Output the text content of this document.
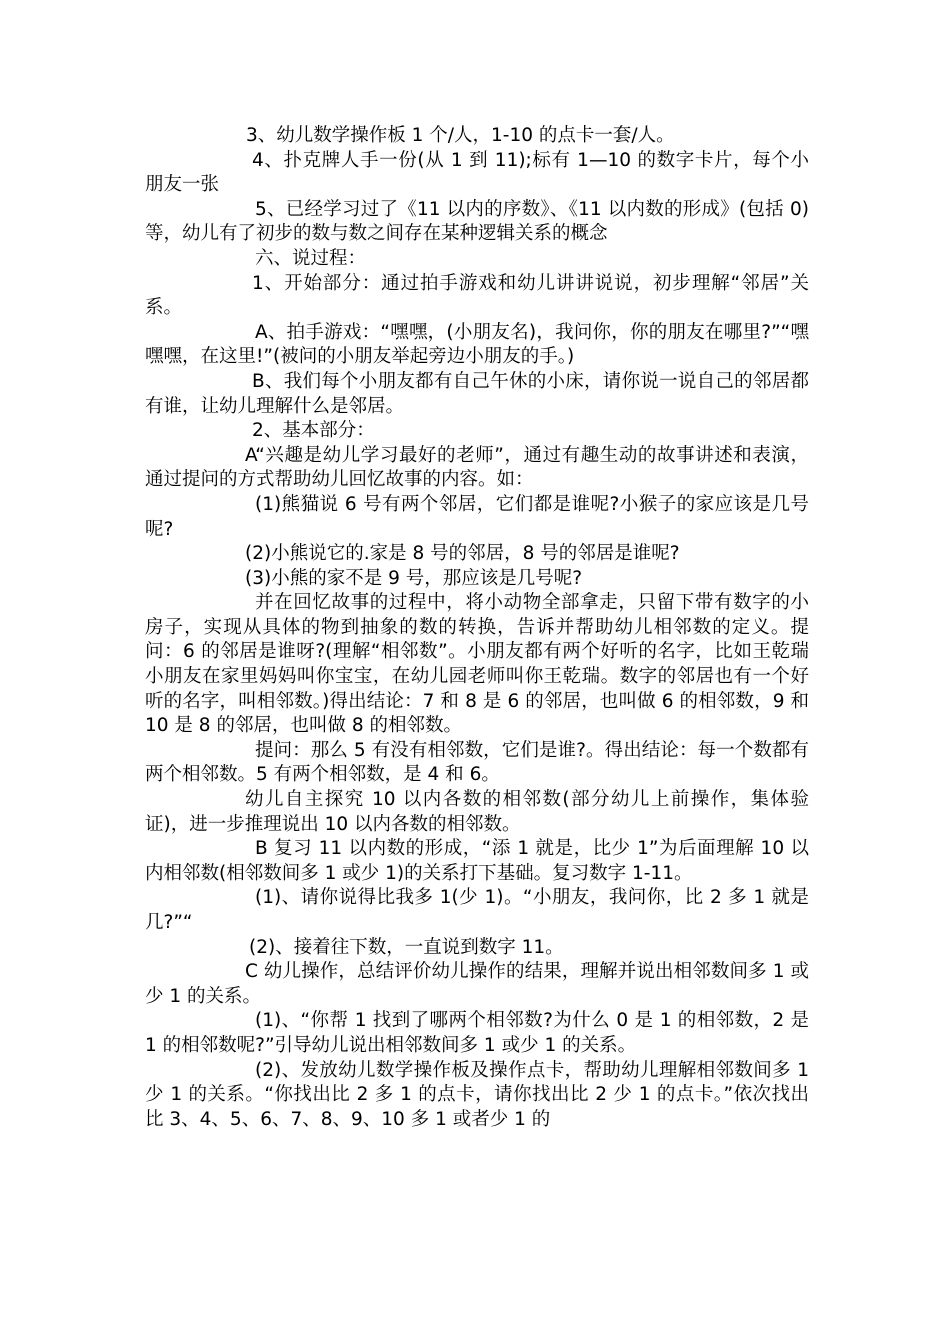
3、幼儿数学操作板 1 个/人，1-10 的点卡一套/人。

4、扑克牌人手一份(从 1 到 11);标有 1—10 的数字卡片，每个小朋友一张

5、已经学习过了《11 以内的序数》、《11 以内数的形成》(包括 0)等，幼儿有了初步的数与数之间存在某种逻辑关系的概念

六、说过程：

1、开始部分：通过拍手游戏和幼儿讲讲说说，初步理解“邻居”关系。

A、拍手游戏：“嘿嘿，(小朋友名)，我问你，你的朋友在哪里?”“嘿嘿嘿，在这里!”(被问的小朋友举起旁边小朋友的手。)

B、我们每个小朋友都有自己午休的小床，请你说一说自己的邻居都有谁，让幼儿理解什么是邻居。

2、基本部分：

A“兴趣是幼儿学习最好的老师”，通过有趣生动的故事讲述和表演，通过提问的方式帮助幼儿回忆故事的内容。如：

(1)熊猫说 6 号有两个邻居，它们都是谁呢?小猴子的家应该是几号呢?

(2)小熊说它的.家是 8 号的邻居，8 号的邻居是谁呢?

(3)小熊的家不是 9 号，那应该是几号呢?

并在回忆故事的过程中，将小动物全部拿走，只留下带有数字的小房子，实现从具体的物到抽象的数的转换，告诉并帮助幼儿相邻数的定义。提问：6 的邻居是谁呀?(理解“相邻数”。小朋友都有两个好听的名字，比如王乾瑞小朋友在家里妈妈叫你宝宝，在幼儿园老师叫你王乾瑞。数字的邻居也有一个好听的名字，叫相邻数。)得出结论：7 和 8 是 6 的邻居，也叫做 6 的相邻数，9 和 10 是 8 的邻居，也叫做 8 的相邻数。

提问：那么 5 有没有相邻数，它们是谁?。得出结论：每一个数都有两个相邻数。5 有两个相邻数，是 4 和 6。

幼儿自主探究 10 以内各数的相邻数(部分幼儿上前操作，集体验证)，进一步推理说出 10 以内各数的相邻数。

B 复习 11 以内数的形成，“添 1 就是，比少 1”为后面理解 10 以内相邻数(相邻数间多 1 或少 1)的关系打下基础。复习数字 1-11。

(1)、请你说得比我多 1(少 1)。“小朋友，我问你，比 2 多 1 就是几?”“

(2)、接着往下数，一直说到数字 11。

C 幼儿操作，总结评价幼儿操作的结果，理解并说出相邻数间多 1 或少 1 的关系。

(1)、“你帮 1 找到了哪两个相邻数?为什么 0 是 1 的相邻数，2 是 1 的相邻数呢?”引导幼儿说出相邻数间多 1 或少 1 的关系。

(2)、发放幼儿数学操作板及操作点卡，帮助幼儿理解相邻数间多 1 少 1 的关系。“你找出比 2 多 1 的点卡，请你找出比 2 少 1 的点卡。”依次找出比 3、4、5、6、7、8、9、10 多 1 或者少 1 的
